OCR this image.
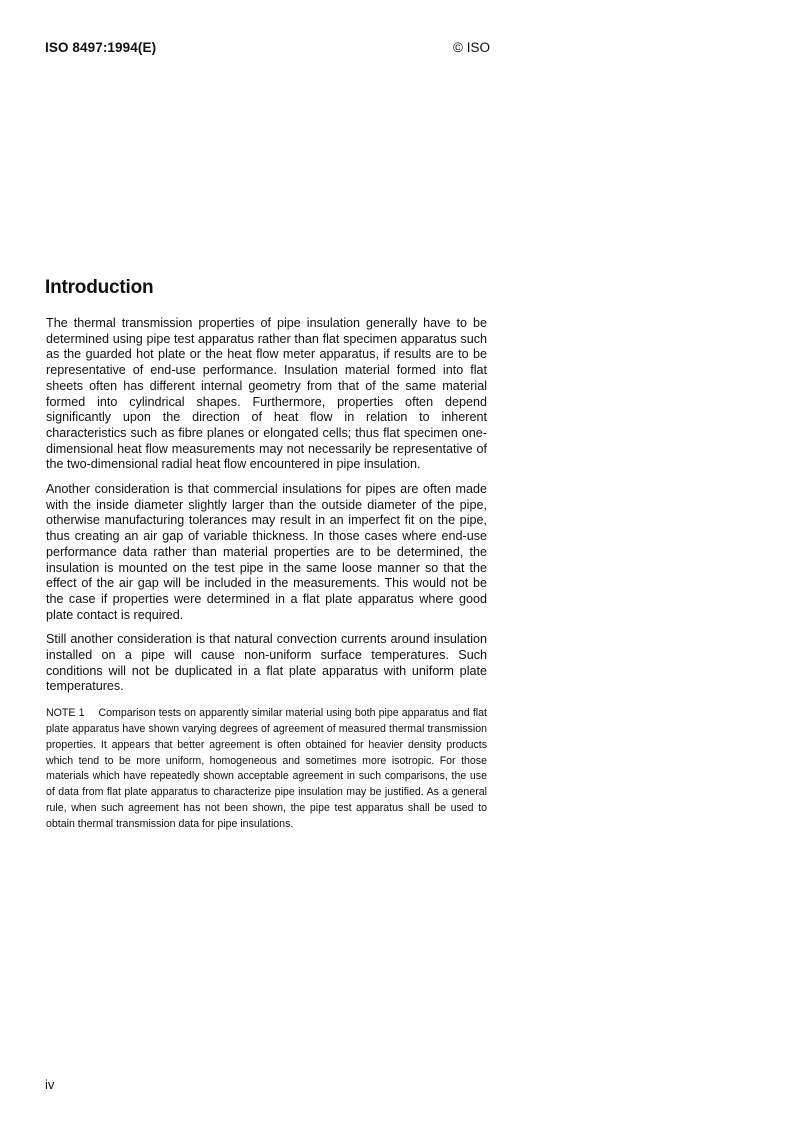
ISO 8497:1994(E)	© ISO
Introduction

The thermal transmission properties of pipe insulation generally have to be determined using pipe test apparatus rather than flat specimen apparatus such as the guarded hot plate or the heat flow meter apparatus, if results are to be representative of end-use performance. Insulation material formed into flat sheets often has different internal geometry from that of the same material formed into cylindrical shapes. Furthermore, properties often depend significantly upon the direction of heat flow in relation to inherent characteristics such as fibre planes or elongated cells; thus flat specimen one-dimensional heat flow measurements may not necessarily be representative of the two-dimensional radial heat flow encountered in pipe insulation.

Another consideration is that commercial insulations for pipes are often made with the inside diameter slightly larger than the outside diameter of the pipe, otherwise manufacturing tolerances may result in an imperfect fit on the pipe, thus creating an air gap of variable thickness. In those cases where end-use performance data rather than material properties are to be determined, the insulation is mounted on the test pipe in the same loose manner so that the effect of the air gap will be included in the measurements. This would not be the case if properties were determined in a flat plate apparatus where good plate contact is required.

Still another consideration is that natural convection currents around insulation installed on a pipe will cause non-uniform surface temperatures. Such conditions will not be duplicated in a flat plate apparatus with uniform plate temperatures.

NOTE 1 Comparison tests on apparently similar material using both pipe apparatus and flat plate apparatus have shown varying degrees of agreement of measured thermal transmission properties. It appears that better agreement is often obtained for heavier density products which tend to be more uniform, homogeneous and sometimes more isotropic. For those materials which have repeatedly shown acceptable agreement in such comparisons, the use of data from flat plate apparatus to characterize pipe insulation may be justified. As a general rule, when such agreement has not been shown, the pipe test apparatus shall be used to obtain thermal transmission data for pipe insulations.

iv
